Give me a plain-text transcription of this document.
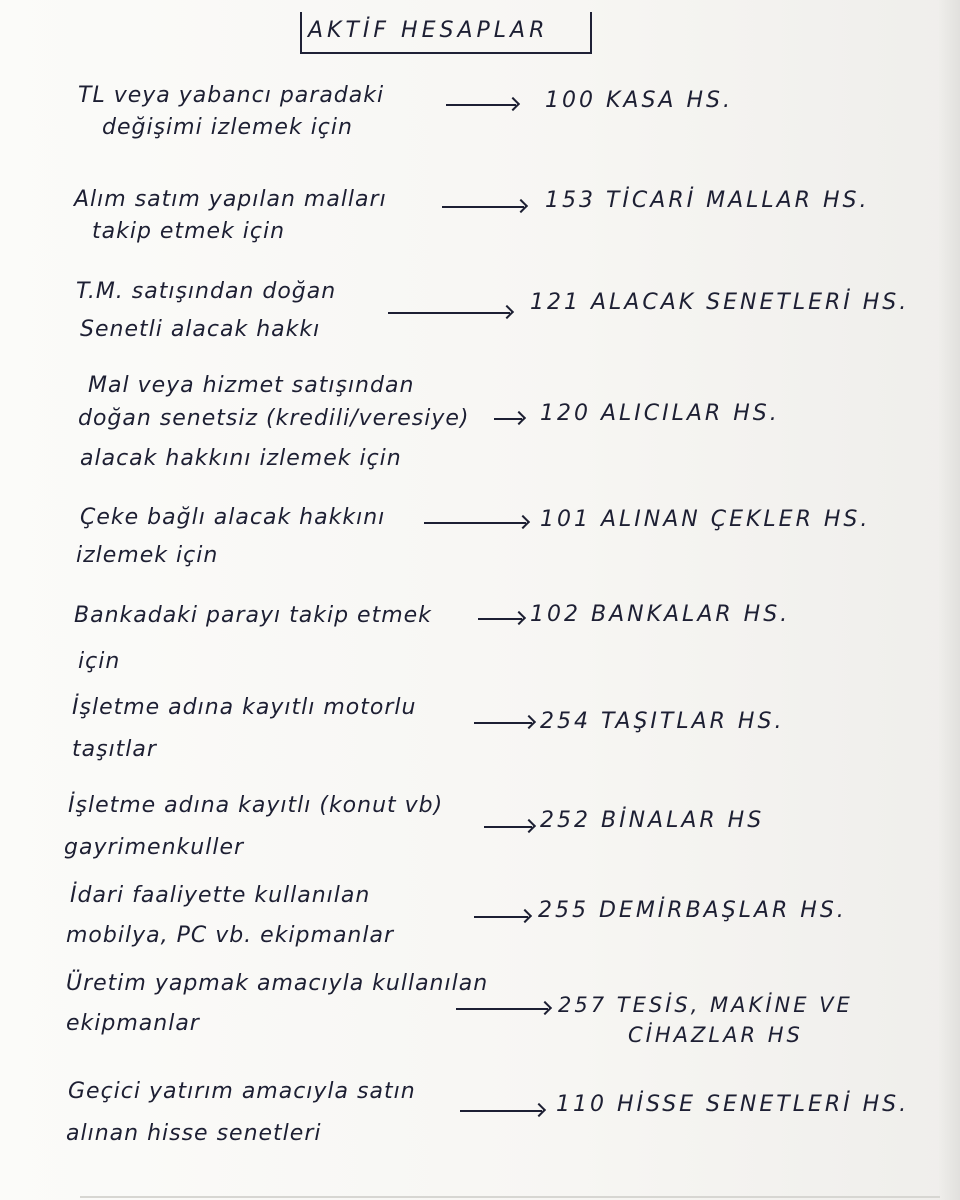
AKTİF HESAPLAR
TL veya yabancı paradaki
değişimi izlemek için
100 KASA HS.
Alım satım yapılan malları
takip etmek için
153 TİCARİ MALLAR HS.
T.M. satışından doğan
Senetli alacak hakkı
121 ALACAK SENETLERİ HS.
Mal veya hizmet satışından
doğan senetsiz (kredili/veresiye)
alacak hakkını izlemek için
120 ALICILAR HS.
Çeke bağlı alacak hakkını
izlemek için
101 ALINAN ÇEKLER HS.
Bankadaki parayı takip etmek
için
102 BANKALAR HS.
İşletme adına kayıtlı motorlu
taşıtlar
254 TAŞITLAR HS.
İşletme adına kayıtlı (konut vb)
gayrimenkuller
252 BİNALAR HS
İdari faaliyette kullanılan
mobilya, PC vb. ekipmanlar
255 DEMİRBAŞLAR HS.
Üretim yapmak amacıyla kullanılan
ekipmanlar
257 TESİS, MAKİNE VE
CİHAZLAR HS
Geçici yatırım amacıyla satın
alınan hisse senetleri
110 HİSSE SENETLERİ HS.
